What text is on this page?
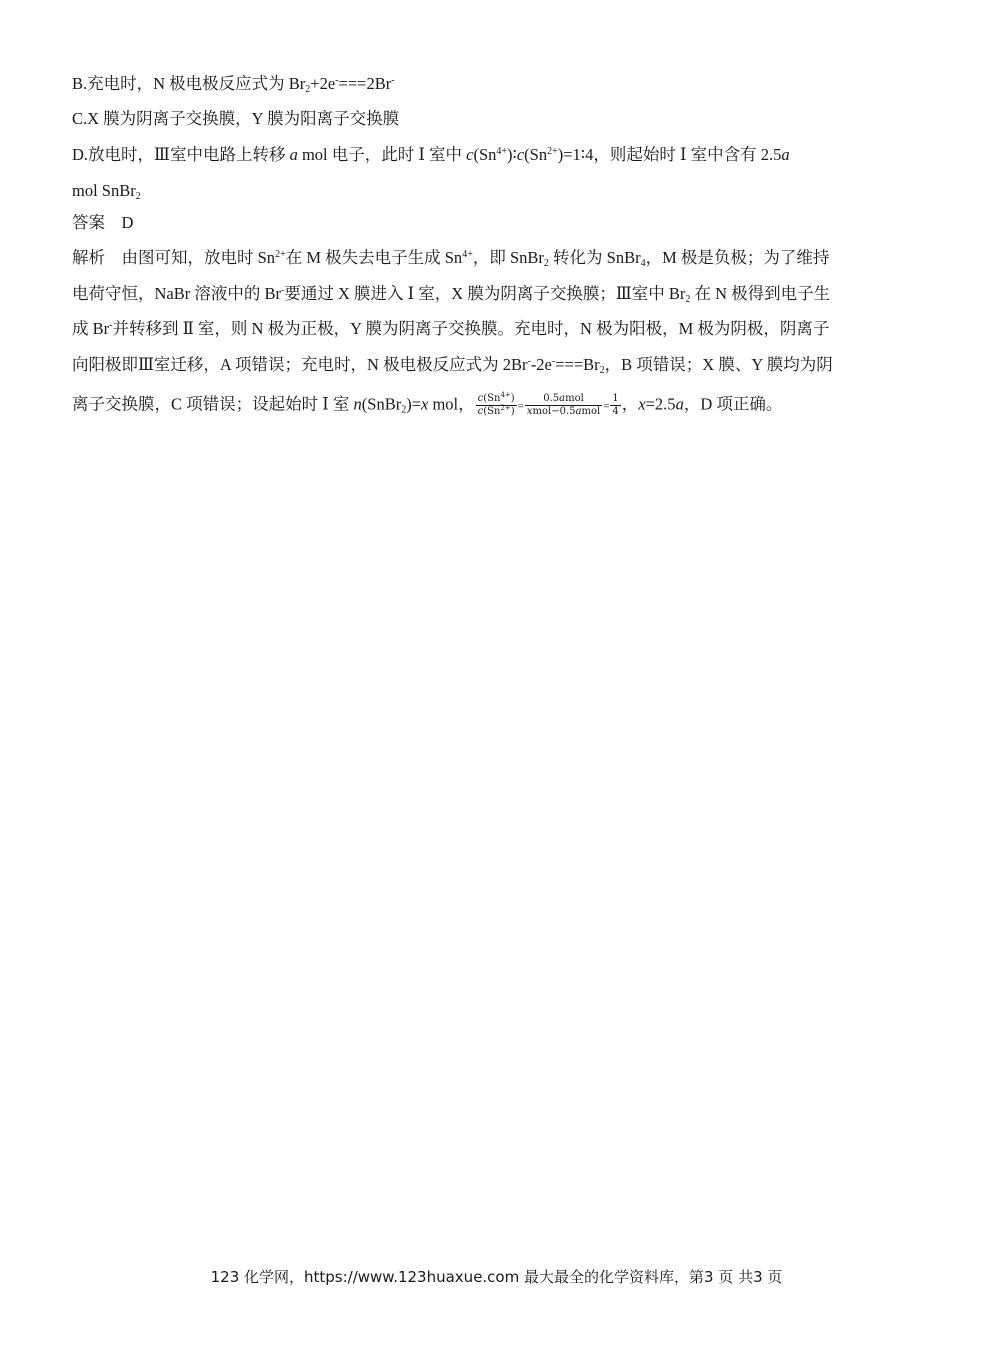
B.充电时，N 极电极反应式为 $Br_2+2e^-===2Br^-$
C.X 膜为阴离子交换膜，Y 膜为阳离子交换膜
D.放电时，Ⅲ室中电路上转移 a mol 电子，此时 Ⅰ 室中 $c(Sn^{4+})∶c(Sn^{2+})=1∶4$，则起始时 Ⅰ 室中含有 2.5a
mol SnBr$_2$
答案　 D
解析　由图可知，放电时 $Sn^{2+}$在 M 极失去电子生成 $Sn^{4+}$，即 SnBr$_2$ 转化为 SnBr$_4$，M 极是负极；为了维持
电荷守恒，NaBr 溶液中的 Br-要通过 X 膜进入 Ⅰ 室，X 膜为阴离子交换膜；Ⅲ室中 $Br_2$ 在 N 极得到电子生
成 Br-并转移到 Ⅱ 室，则 N 极为正极，Y 膜为阴离子交换膜。充电时，N 极为阳极，M 极为阴极，阴离子
向阳极即Ⅲ室迁移，A 项错误；充电时，N 极电极反应式为 $2Br^--2e^-===Br_2$，B 项错误；X 膜、Y 膜均为阴
离子交换膜，C 项错误；设起始时 Ⅰ 室 n(SnBr$_2$)=x mol， $\frac{c(Sn^{4+})}{c(Sn^{2+})} = \frac{\text{0.5amol}}{\text{xmol−0.5amol}} = \frac{1}{4}$ ，x=2.5a，D 项正确。
123 化学网，https://www.123huaxue.com 最大最全的化学资料库，第3 页 共3 页
